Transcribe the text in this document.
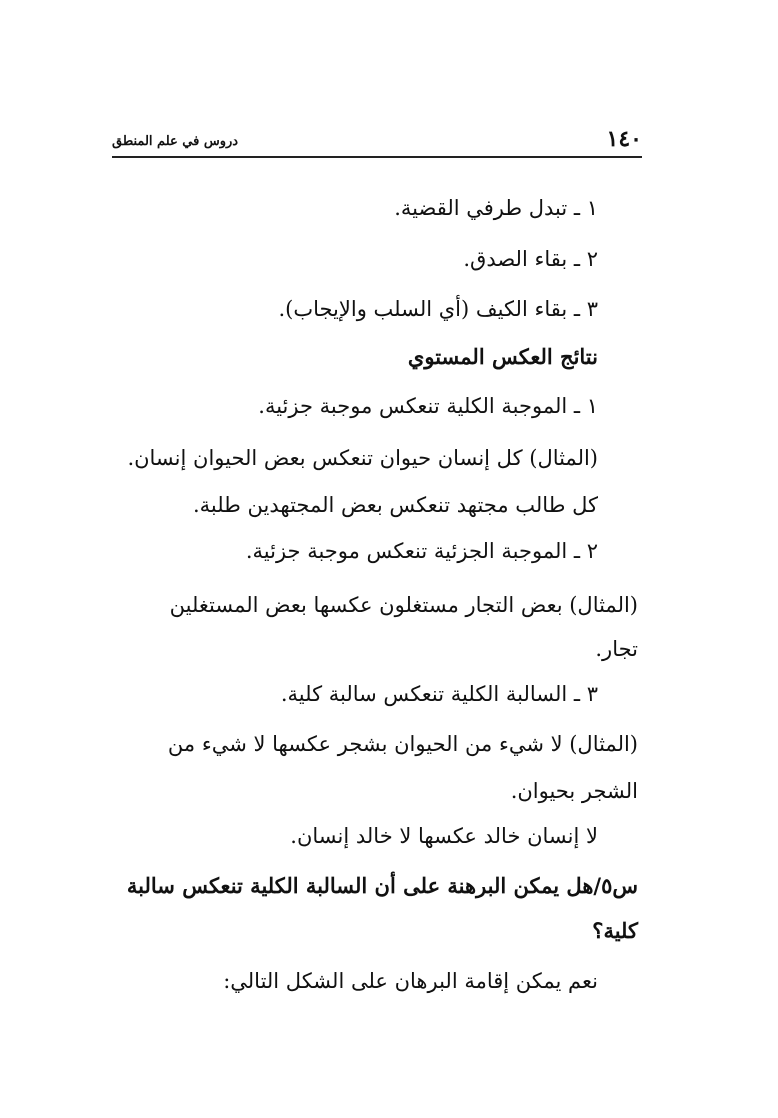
١٤٠
دروس في علم المنطق
١ ـ تبدل طرفي القضية.
٢ ـ بقاء الصدق.
٣ ـ بقاء الكيف (أي السلب والإيجاب).
نتائج العكس المستوي
١ ـ الموجبة الكلية تنعكس موجبة جزئية.
(المثال) كل إنسان حيوان تنعكس بعض الحيوان إنسان.
كل طالب مجتهد تنعكس بعض المجتهدين طلبة.
٢ ـ الموجبة الجزئية تنعكس موجبة جزئية.
(المثال) بعض التجار مستغلون عكسها بعض المستغلين
تجار.
٣ ـ السالبة الكلية تنعكس سالبة كلية.
(المثال) لا شيء من الحيوان بشجر عكسها لا شيء من
الشجر بحيوان.
لا إنسان خالد عكسها لا خالد إنسان.
س٥/هل يمكن البرهنة على أن السالبة الكلية تنعكس سالبة
كلية؟
نعم يمكن إقامة البرهان على الشكل التالي:
